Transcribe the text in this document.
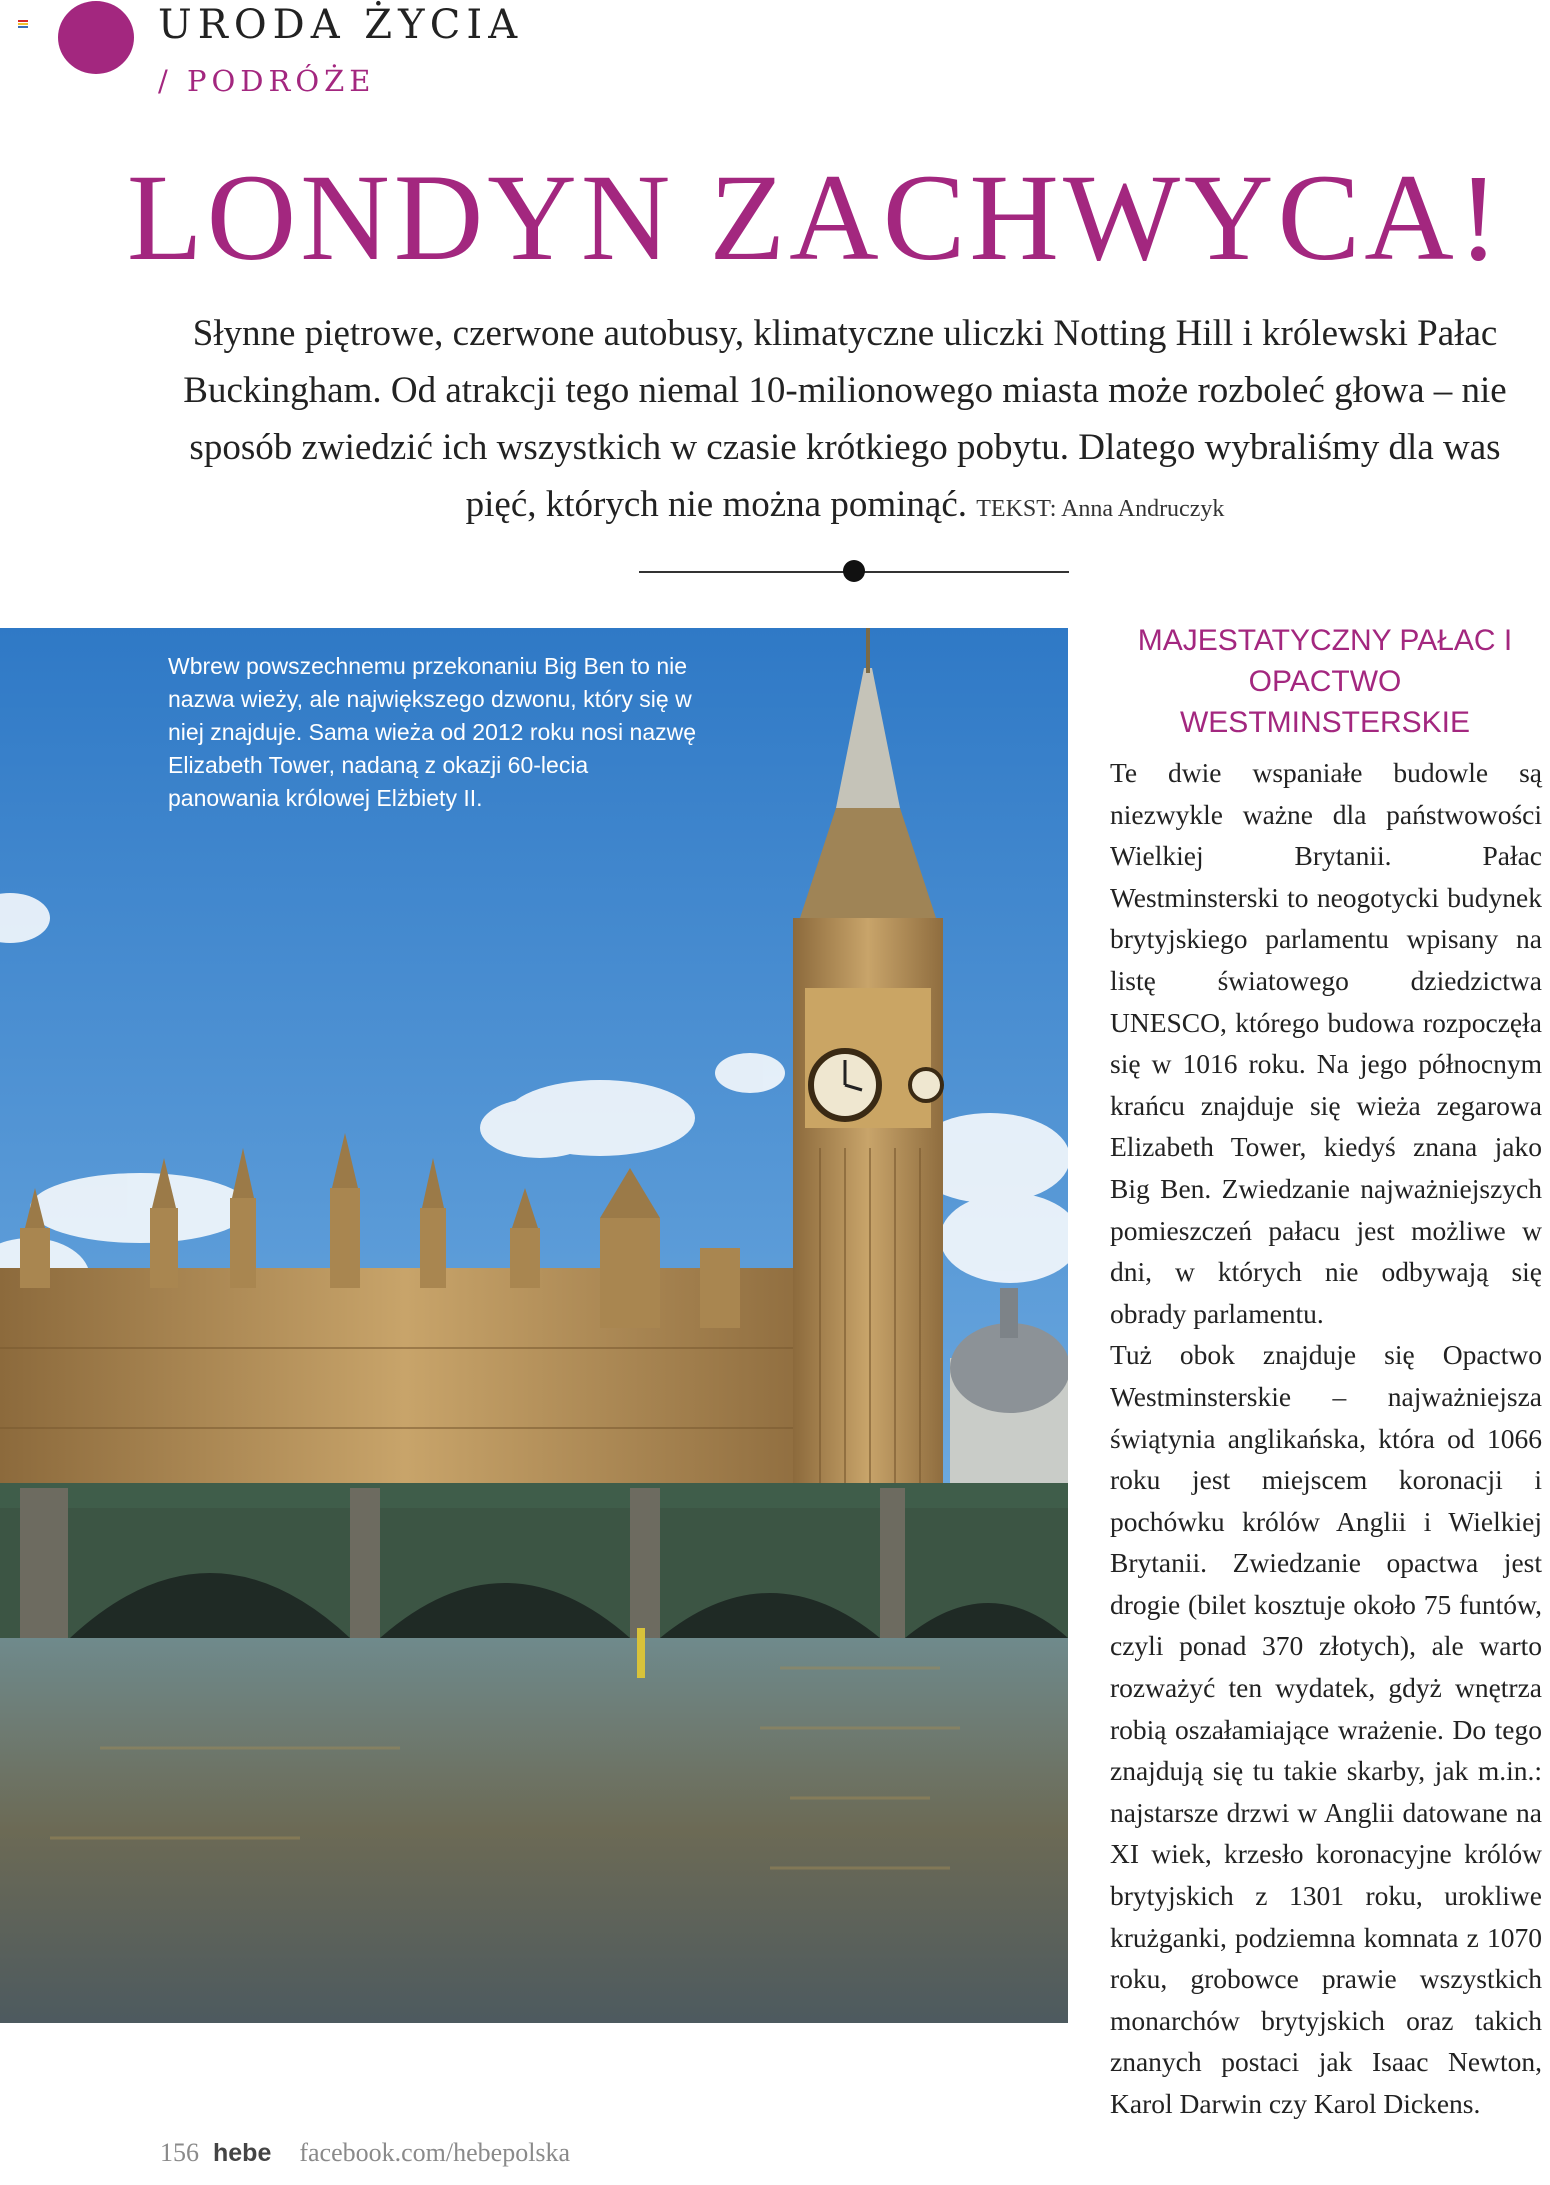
URODA ŻYCIA
/ PODRÓŻE
LONDYN ZACHWYCA!
Słynne piętrowe, czerwone autobusy, klimatyczne uliczki Notting Hill i królewski Pałac Buckingham. Od atrakcji tego niemal 10-milionowego miasta może rozboleć głowa – nie sposób zwiedzić ich wszystkich w czasie krótkiego pobytu. Dlatego wybraliśmy dla was pięć, których nie można pominąć. TEKST: Anna Andruczyk
Wbrew powszechnemu przekonaniu Big Ben to nie nazwa wieży, ale największego dzwonu, który się w niej znajduje. Sama wieża od 2012 roku nosi nazwę Elizabeth Tower, nadaną z okazji 60-lecia panowania królowej Elżbiety II.
MAJESTATYCZNY PAŁAC I OPACTWO WESTMINSTERSKIE

Te dwie wspaniałe budowle są niezwykle ważne dla państwowości Wielkiej Brytanii. Pałac Westminsterski to neogotycki budynek brytyjskiego parlamentu wpisany na listę światowego dziedzictwa UNESCO, którego budowa rozpoczęła się w 1016 roku. Na jego północnym krańcu znajduje się wieża zegarowa Elizabeth Tower, kiedyś znana jako Big Ben. Zwiedzanie najważniejszych pomieszczeń pałacu jest możliwe w dni, w których nie odbywają się obrady parlamentu.

Tuż obok znajduje się Opactwo Westminsterskie – najważniejsza świątynia anglikańska, która od 1066 roku jest miejscem koronacji i pochówku królów Anglii i Wielkiej Brytanii. Zwiedzanie opactwa jest drogie (bilet kosztuje około 75 funtów, czyli ponad 370 złotych), ale warto rozważyć ten wydatek, gdyż wnętrza robią oszałamiające wrażenie. Do tego znajdują się tu takie skarby, jak m.in.: najstarsze drzwi w Anglii datowane na XI wiek, krzesło koronacyjne królów brytyjskich z 1301 roku, urokliwe krużganki, podziemna komnata z 1070 roku, grobowce prawie wszystkich monarchów brytyjskich oraz takich znanych postaci jak Isaac Newton, Karol Darwin czy Karol Dickens.

156 hebe facebook.com/hebepolska
